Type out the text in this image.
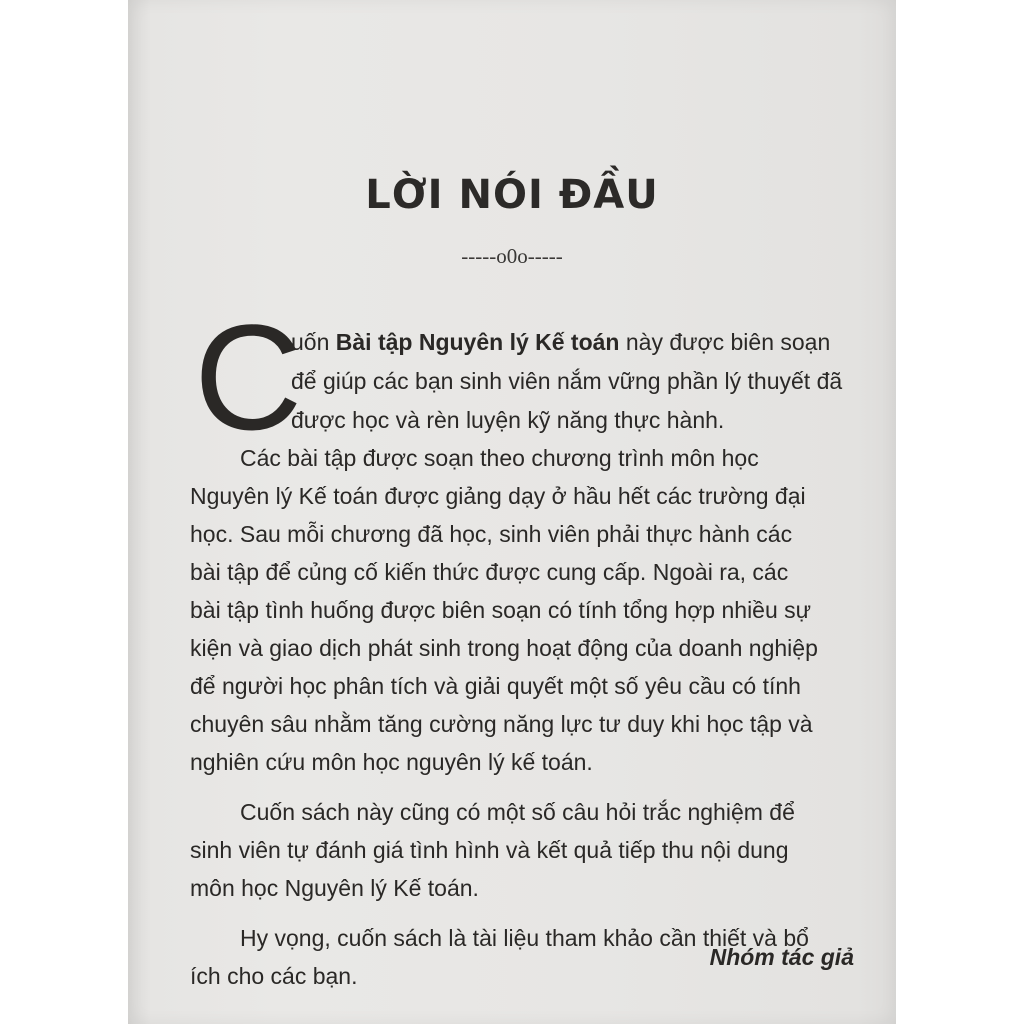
LỜI NÓI ĐẦU
-----o0o-----
C
uốn Bài tập Nguyên lý Kế toán này được biên soạn
để giúp các bạn sinh viên nắm vững phần lý thuyết đã
được học và rèn luyện kỹ năng thực hành.
Các bài tập được soạn theo chương trình môn học
Nguyên lý Kế toán được giảng dạy ở hầu hết các trường đại
học. Sau mỗi chương đã học, sinh viên phải thực hành các
bài tập để củng cố kiến thức được cung cấp. Ngoài ra, các
bài tập tình huống được biên soạn có tính tổng hợp nhiều sự
kiện và giao dịch phát sinh trong hoạt động của doanh nghiệp
để người học phân tích và giải quyết một số yêu cầu có tính
chuyên sâu nhằm tăng cường năng lực tư duy khi học tập và
nghiên cứu môn học nguyên lý kế toán.
Cuốn sách này cũng có một số câu hỏi trắc nghiệm để
sinh viên tự đánh giá tình hình và kết quả tiếp thu nội dung
môn học Nguyên lý Kế toán.
Hy vọng, cuốn sách là tài liệu tham khảo cần thiết và bổ
ích cho các bạn.
Nhóm tác giả
